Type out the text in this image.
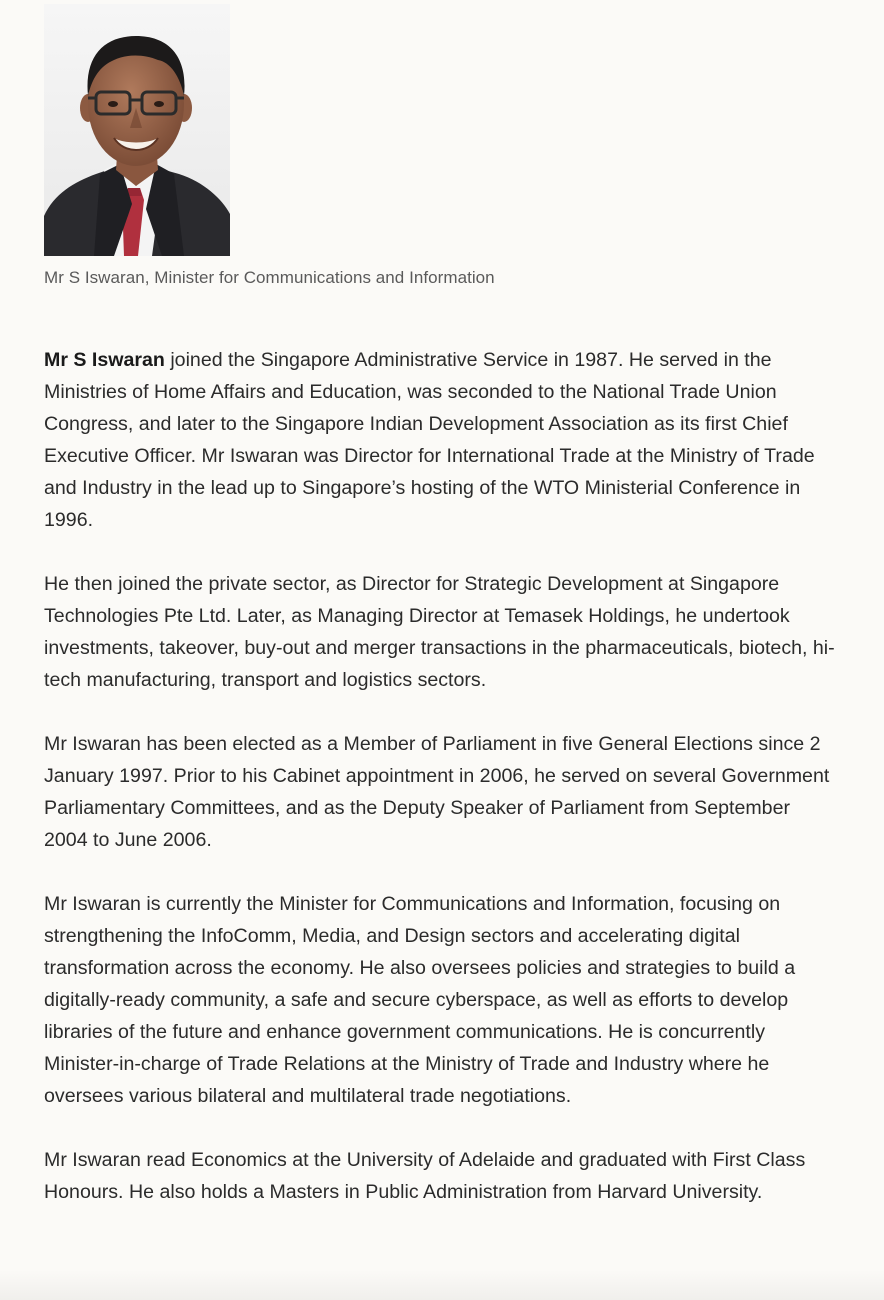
Mr S Iswaran, Minister for Communications and Information

Mr S Iswaran joined the Singapore Administrative Service in 1987. He served in the Ministries of Home Affairs and Education, was seconded to the National Trade Union Congress, and later to the Singapore Indian Development Association as its first Chief Executive Officer. Mr Iswaran was Director for International Trade at the Ministry of Trade and Industry in the lead up to Singapore’s hosting of the WTO Ministerial Conference in 1996.

He then joined the private sector, as Director for Strategic Development at Singapore Technologies Pte Ltd. Later, as Managing Director at Temasek Holdings, he undertook investments, takeover, buy-out and merger transactions in the pharmaceuticals, biotech, hi-tech manufacturing, transport and logistics sectors.

Mr Iswaran has been elected as a Member of Parliament in five General Elections since 2 January 1997. Prior to his Cabinet appointment in 2006, he served on several Government Parliamentary Committees, and as the Deputy Speaker of Parliament from September 2004 to June 2006.

Mr Iswaran is currently the Minister for Communications and Information, focusing on strengthening the InfoComm, Media, and Design sectors and accelerating digital transformation across the economy. He also oversees policies and strategies to build a digitally-ready community, a safe and secure cyberspace, as well as efforts to develop libraries of the future and enhance government communications. He is concurrently Minister-in-charge of Trade Relations at the Ministry of Trade and Industry where he oversees various bilateral and multilateral trade negotiations.

Mr Iswaran read Economics at the University of Adelaide and graduated with First Class Honours. He also holds a Masters in Public Administration from Harvard University.
